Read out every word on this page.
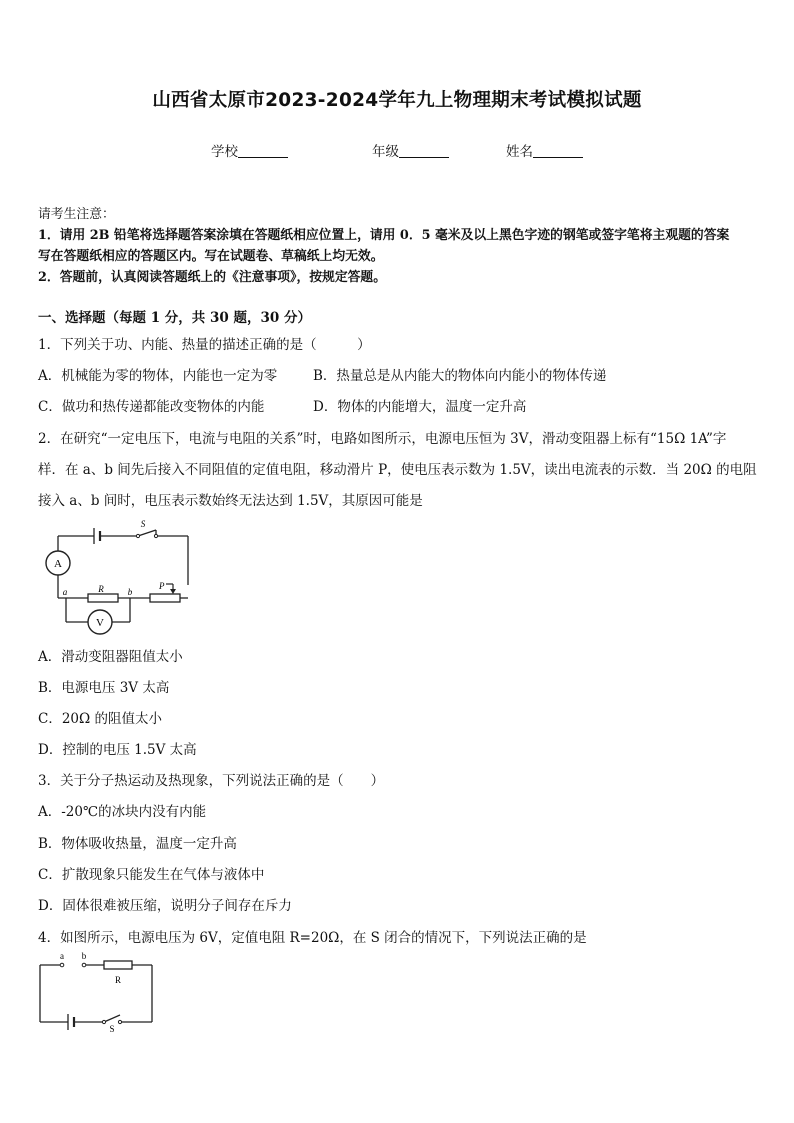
山西省太原市2023-2024学年九上物理期末考试模拟试题
学校	年级	姓名
请考生注意：
1．请用 2B 铅笔将选择题答案涂填在答题纸相应位置上，请用 0．5 毫米及以上黑色字迹的钢笔或签字笔将主观题的答案
写在答题纸相应的答题区内。写在试题卷、草稿纸上均无效。
2．答题前，认真阅读答题纸上的《注意事项》，按规定答题。
一、选择题（每题 1 分，共 30 题，30 分）
1．下列关于功、内能、热量的描述正确的是（　　　）
A．机械能为零的物体，内能也一定为零	B．热量总是从内能大的物体向内能小的物体传递
C．做功和热传递都能改变物体的内能	D．物体的内能增大，温度一定升高
2．在研究“一定电压下，电流与电阻的关系”时，电路如图所示，电源电压恒为 3V，滑动变阻器上标有“15Ω 1A”字
样．在 a、b 间先后接入不同阻值的定值电阻，移动滑片 P，使电压表示数为 1.5V，读出电流表的示数．当 20Ω 的电阻
接入 a、b 间时，电压表示数始终无法达到 1.5V，其原因可能是
S
A
R	P
a	b
V
A．滑动变阻器阻值太小
B．电源电压 3V 太高
C．20Ω 的阻值太小
D．控制的电压 1.5V 太高
3．关于分子热运动及热现象，下列说法正确的是（　　）
A．-20℃的冰块内没有内能
B．物体吸收热量，温度一定升高
C．扩散现象只能发生在气体与液体中
D．固体很难被压缩，说明分子间存在斥力
4．如图所示，电源电压为 6V，定值电阻 R=20Ω，在 S 闭合的情况下，下列说法正确的是
a b
R
S
